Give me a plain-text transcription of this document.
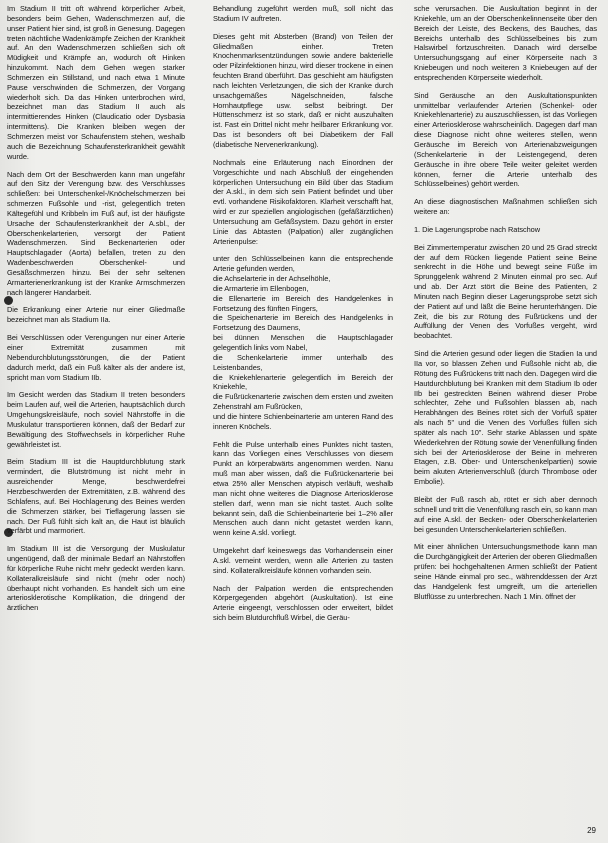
Im Stadium II tritt oft während körperlicher Arbeit, besonders beim Gehen, Wadenschmerzen auf, die unser Patient hier sind, ist groß in Genesung. Dagegen treten nächtliche Wadenkrämpfe Zeichen der Krankheit auf. An den Wadenschmerzen schließen sich oft Müdigkeit und Krämpfe an, wodurch oft Hinken hinzukommt. Nach dem Gehen wegen starker Schmerzen ein Stillstand, und nach etwa 1 Minute Pause verschwinden die Schmerzen, der Vorgang wiederholt sich. Da das Hinken unterbrochen wird, bezeichnet man das Stadium II auch als intermittierendes Hinken (Claudicatio oder Dysbasia intermittens). Die Kranken bleiben wegen der Schmerzen meist vor Schaufenstern stehen, weshalb auch die Bezeichnung Schaufensterkrankheit gewählt wurde.

Nach dem Ort der Beschwerden kann man ungefähr auf den Sitz der Verengung bzw. des Verschlusses schließen: bei Unterschenkel-/Knöchelschmerzen bei schmerzen Fußsohle und -rist, gelegentlich treten Kältegefühl und Kribbeln im Fuß auf, ist der häufigste Ursache der Schaufensterkrankheit der A.sbl., der Oberschenkelarterien, versorgt der Patient Wadenschmerzen. Sind Beckenarterien oder Hauptschlagader (Aorta) befallen, treten zu den Wadenbeschwerden Oberschenkel- und Gesäßschmerzen hinzu. Bei der sehr seltenen Armarterienerkrankung ist der Kranke Armschmerzen nach längerer Handarbeit.

Die Erkrankung einer Arterie nur einer Gliedmaße bezeichnet man als Stadium IIa.

Bei Verschlüssen oder Verengungen nur einer Arterie einer Extremität zusammen mit Nebendurchblutungsstörungen, die der Patient dadurch merkt, daß ein Fuß kälter als der andere ist, spricht man vom Stadium IIb.

Im Gesicht werden das Stadium II treten besonders beim Laufen auf, weil die Arterien, hauptsächlich durch Umgehungskreisläufe, noch soviel Nährstoffe in die Muskulatur transportieren können, daß der Bedarf zur Bewältigung des Stoffwechsels in körperlicher Ruhe gewährleistet ist.

Beim Stadium III ist die Hauptdurchblutung stark vermindert, die Blutströmung ist nicht mehr in ausreichender Menge, beschwerdefrei Herzbeschwerden der Extremitäten, z.B. während des Schlafens, auf. Bei Hochlagerung des Beines werden die Schmerzen stärker, bei Tieflagerung lassen sie nach. Der Fuß fühlt sich kalt an, die Haut ist bläulich verfärbt und marmoriert.

Im Stadium III ist die Versorgung der Muskulatur ungenügend, daß der minimale Bedarf an Nährstoffen für körperliche Ruhe nicht mehr gedeckt werden kann. Kollateralkreisläufe sind nicht (mehr oder noch) überhaupt nicht vorhanden. Es handelt sich um eine arteriosklerotische Komplikation, die dringend der ärztlichen

Behandlung zugeführt werden muß, soll nicht das Stadium IV auftreten.

Dieses geht mit Absterben (Brand) von Teilen der Gliedmaßen einher. Treten Knochenmarksentzündungen sowie andere bakterielle oder Pilzinfektionen hinzu, wird dieser trockene in einen feuchten Brand überführt. Das geschieht am häufigsten nach leichten Verletzungen, die sich der Kranke durch unsachgemäßes Nägelschneiden, falsche Hornhautpflege usw. selbst beibringt. Der Hüttenschmerz ist so stark, daß er nicht auszuhalten ist. Fast ein Drittel nicht mehr heilbarer Erkrankung vor. Das ist besonders oft bei Diabetikern der Fall (diabetische Nervenerkrankung).

Nochmals eine Erläuterung nach Einordnen der Vorgeschichte und nach Abschluß der eingehenden körperlichen Untersuchung ein Bild über das Stadium der A.skl., in dem sich sein Patient befindet und über evtl. vorhandene Risikofaktoren. Klarheit verschafft hat, wird er zur speziellen angiologischen (gefäßärztlichen) Untersuchung am Gefäßsystem. Dazu gehört in erster Linie das Abtasten (Palpation) aller zugänglichen Arterienpulse:

unter den Schlüsselbeinen kann die entsprechende Arterie gefunden werden,
die Achselarterie in der Achselhöhle,
die Armarterie im Ellenbogen,
die Ellenarterie im Bereich des Handgelenkes in Fortsetzung des fünften Fingers,
die Speichenarterie im Bereich des Handgelenks in Fortsetzung des Daumens,
bei dünnen Menschen die Hauptschlagader gelegentlich links vom Nabel,
die Schenkelarterie immer unterhalb des Leistenbandes,
die Kniekehlenarterie gelegentlich im Bereich der Kniekehle,
die Fußrückenarterie zwischen dem ersten und zweiten Zehenstrahl am Fußrücken,
und die hintere Schienbeinarterie am unteren Rand des inneren Knöchels.

Fehlt die Pulse unterhalb eines Punktes nicht tasten, kann das Vorliegen eines Verschlusses von diesem Punkt an körperabwärts angenommen werden. Nanu muß man aber wissen, daß die Fußrückenarterie bei etwa 25% aller Menschen atypisch verläuft, weshalb man nicht ohne weiteres die Diagnose Arteriosklerose stellen darf, wenn man sie nicht tastet. Auch sollte bekannt sein, daß die Schienbeinarterie bei 1–2% aller Menschen auch dann nicht getastet werden kann, wenn keine A.skl. vorliegt.

Umgekehrt darf keineswegs das Vorhandensein einer A.skl. verneint werden, wenn alle Arterien zu tasten sind. Kollateralkreisläufe können vorhanden sein.

Nach der Palpation werden die entsprechenden Körpergegenden abgehört (Auskultation). Ist eine Arterie eingeengt, verschlossen oder erweitert, bildet sich beim Blutdurchfluß Wirbel, die Geräu-

sche verursachen. Die Auskultation beginnt in der Kniekehle, um an der Oberschenkelinnenseite über den Bereich der Leiste, des Beckens, des Bauches, das Bereichs unterhalb des Schlüsselbeines bis zum Halswirbel fortzuschreiten. Danach wird derselbe Untersuchungsgang auf einer Körperseite nach 3 Kniebeugen und noch weiteren 3 Kniebeugen auf der entsprechenden Körperseite wiederholt.

Sind Geräusche an den Auskultationspunkten unmittelbar verlaufender Arterien (Schenkel- oder Kniekehlenarterie) zu auszuschliessen, ist das Vorliegen einer Arteriosklerose wahrscheinlich. Dagegen darf man diese Diagnose nicht ohne weiteres stellen, wenn Geräusche im Bereich von Arterienabzweigungen (Schenkelarterie in der Leistengegend, deren Geräusche in ihre obere Teile weiter geleitet werden können, ferner die Arterie unterhalb des Schlüsselbeines) gehört werden.

An diese diagnostischen Maßnahmen schließen sich weitere an:

1. Die Lagerungsprobe nach Ratschow

Bei Zimmertemperatur zwischen 20 und 25 Grad streckt der auf dem Rücken liegende Patient seine Beine senkrecht in die Höhe und bewegt seine Füße im Sprunggelenk während 2 Minuten einmal pro sec. Auf und ab. Der Arzt stört die Beine des Patienten, 2 Minuten nach Beginn dieser Lagerungsprobe setzt sich der Patient auf und läßt die Beine herunterhängen. Die Zeit, die bis zur Rötung des Fußrückens und der Auffüllung der Venen des Vorfußes vergeht, wird beobachtet.

Sind die Arterien gesund oder liegen die Stadien Ia und IIa vor, so blassen Zehen und Fußsohle nicht ab, die Rötung des Fußrückens tritt nach den. Dagegen wird die Hautdurchblutung bei Kranken mit dem Stadium Ib oder IIb bei gestreckten Beinen während dieser Probe schlechter, Zehe und Fußsohlen blassen ab, nach Herabhängen des Beines rötet sich der Vorfuß später als nach 5" und die Venen des Vorfußes füllen sich später als nach 10". Sehr starke Ablassen und späte Wiederkehren der Rötung sowie der Venenfüllung finden sich bei der Arteriosklerose der Beine in mehreren Etagen, z.B. Ober- und Unterschenkelpartien) sowie beim akuten Arterienverschluß (durch Thrombose oder Embolie).

Bleibt der Fuß rasch ab, rötet er sich aber dennoch schnell und tritt die Venenfüllung rasch ein, so kann man auf eine A.skl. der Becken- oder Oberschenkelarterien bei gesunden Unterschenkelarterien schließen.

Mit einer ähnlichen Untersuchungsmethode kann man die Durchgängigkeit der Arterien der oberen Gliedmaßen prüfen: bei hochgehaltenen Armen schließt der Patient seine Hände einmal pro sec., währenddessen der Arzt das Handgelenk fest umgreift, um die arteriellen Blutflüsse zu unterbrechen. Nach 1 Min. öffnet der

29
